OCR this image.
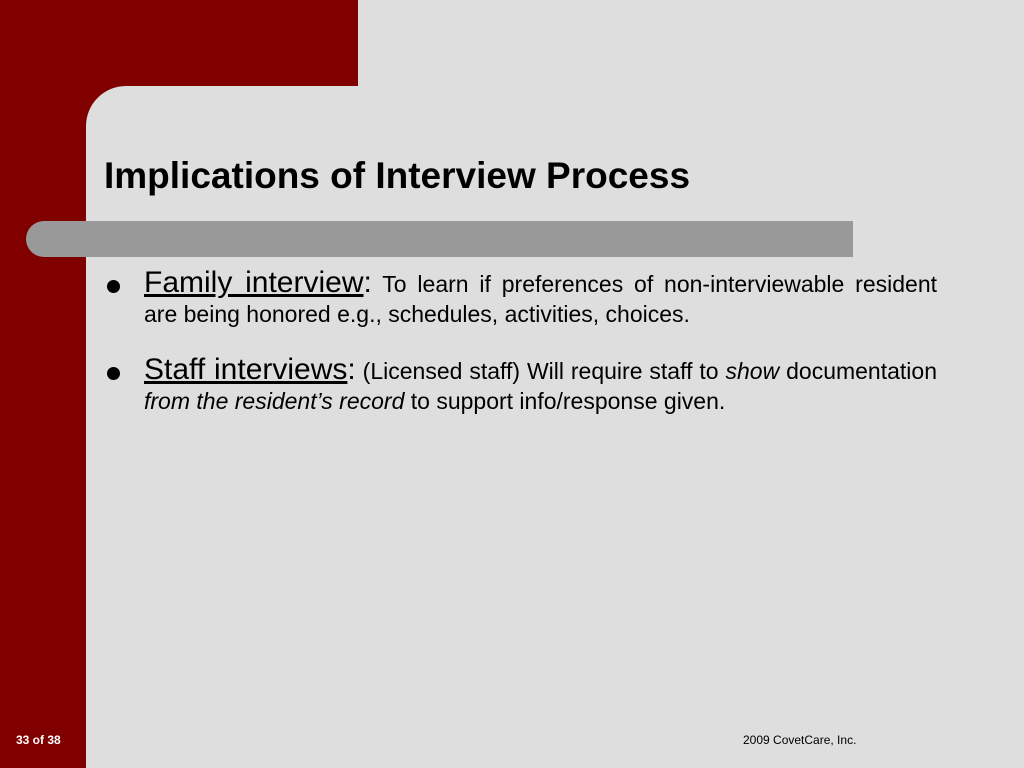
Implications of Interview Process
Family interview: To learn if preferences of non-interviewable resident are being honored e.g., schedules, activities, choices.
Staff interviews: (Licensed staff) Will require staff to show documentation from the resident’s record to support info/response given.
33 of 38	2009 CovetCare, Inc.
